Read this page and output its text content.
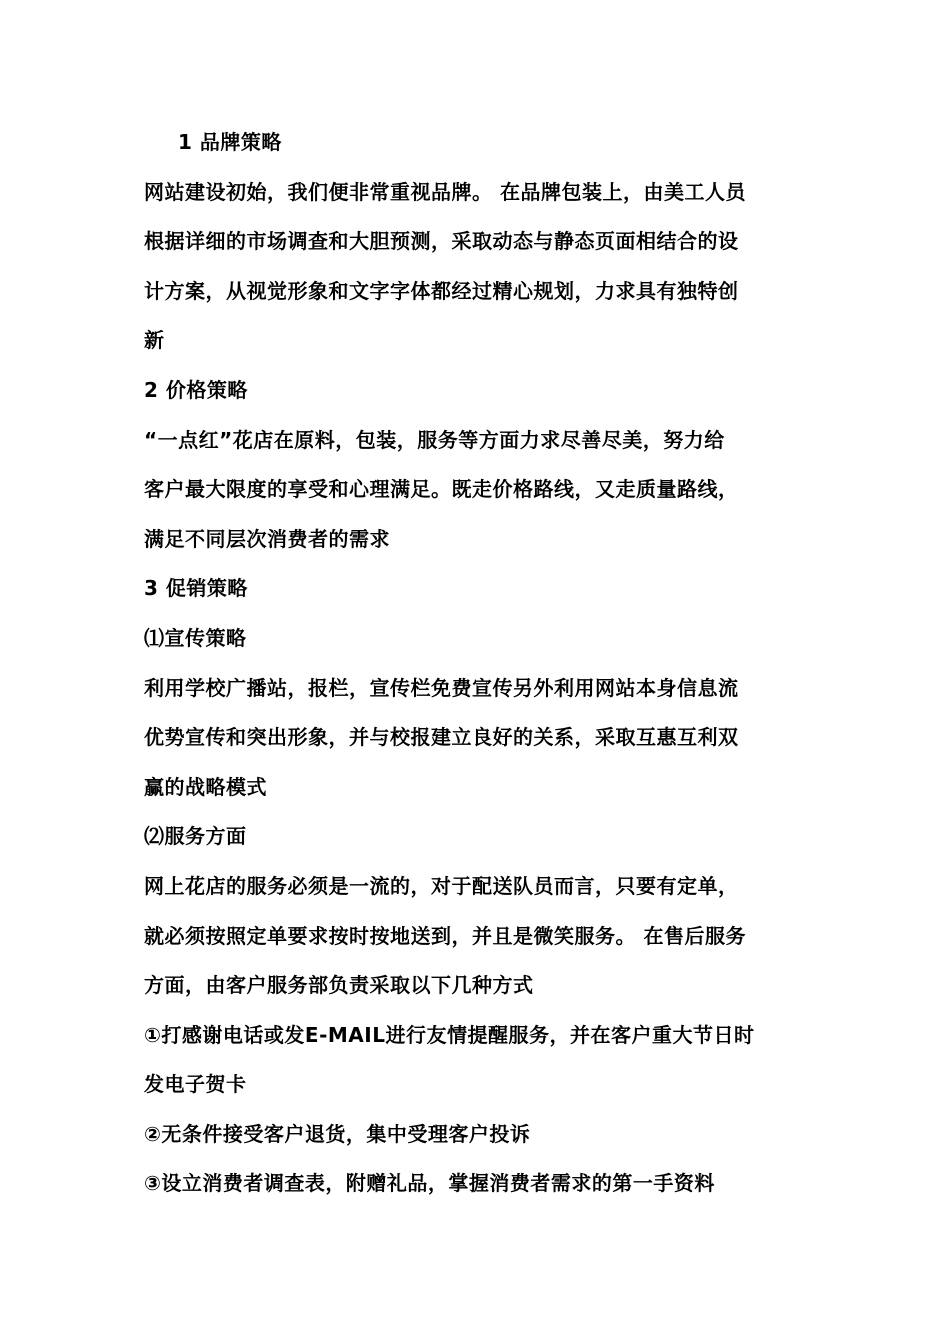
1 品牌策略
网站建设初始，我们便非常重视品牌。 在品牌包装上，由美工人员
根据详细的市场调查和大胆预测，采取动态与静态页面相结合的设
计方案，从视觉形象和文字字体都经过精心规划，力求具有独特创
新
2 价格策略
“一点红”花店在原料，包装，服务等方面力求尽善尽美，努力给
客户最大限度的享受和心理满足。既走价格路线，又走质量路线，
满足不同层次消费者的需求
3 促销策略
⑴宣传策略
利用学校广播站，报栏，宣传栏免费宣传另外利用网站本身信息流
优势宣传和突出形象，并与校报建立良好的关系，采取互惠互利双
赢的战略模式
⑵服务方面
网上花店的服务必须是一流的，对于配送队员而言，只要有定单，
就必须按照定单要求按时按地送到，并且是微笑服务。 在售后服务
方面，由客户服务部负责采取以下几种方式
①打感谢电话或发E-MAIL进行友情提醒服务，并在客户重大节日时
发电子贺卡
②无条件接受客户退货，集中受理客户投诉
③设立消费者调查表，附赠礼品，掌握消费者需求的第一手资料
